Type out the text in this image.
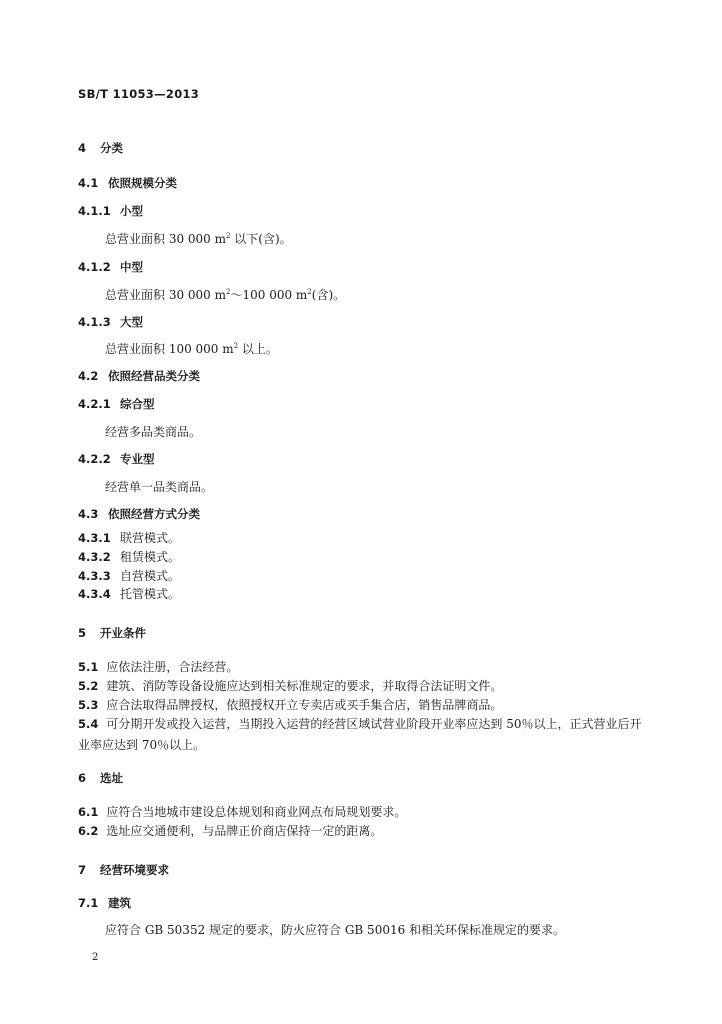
SB/T 11053—2013
4 分类
4.1 依照规模分类
4.1.1 小型
总营业面积 30 000 $m^2$ 以下(含)。
4.1.2 中型
总营业面积 30 000 $m^2\sim 100$ 000 $m^2$(含)。
4.1.3 大型
总营业面积 100 000 $m^2$ 以上。
4.2 依照经营品类分类
4.2.1 综合型
经营多品类商品。
4.2.2 专业型
经营单一品类商品。
4.3 依照经营方式分类
4.3.1 联营模式。
4.3.2 租赁模式。
4.3.3 自营模式。
4.3.4 托管模式。
5 开业条件
5.1 应依法注册，合法经营。
5.2 建筑、消防等设备设施应达到相关标准规定的要求，并取得合法证明文件。
5.3 应合法取得品牌授权，依照授权开立专卖店或买手集合店，销售品牌商品。
5.4 可分期开发或投入运营，当期投入运营的经营区域试营业阶段开业率应达到 50％以上，正式营业后开业率应达到 70％以上。
6 选址
6.1 应符合当地城市建设总体规划和商业网点布局规划要求。
6.2 选址应交通便利，与品牌正价商店保持一定的距离。
7 经营环境要求
7.1 建筑
应符合 GB 50352 规定的要求，防火应符合 GB 50016 和相关环保标准规定的要求。
2
